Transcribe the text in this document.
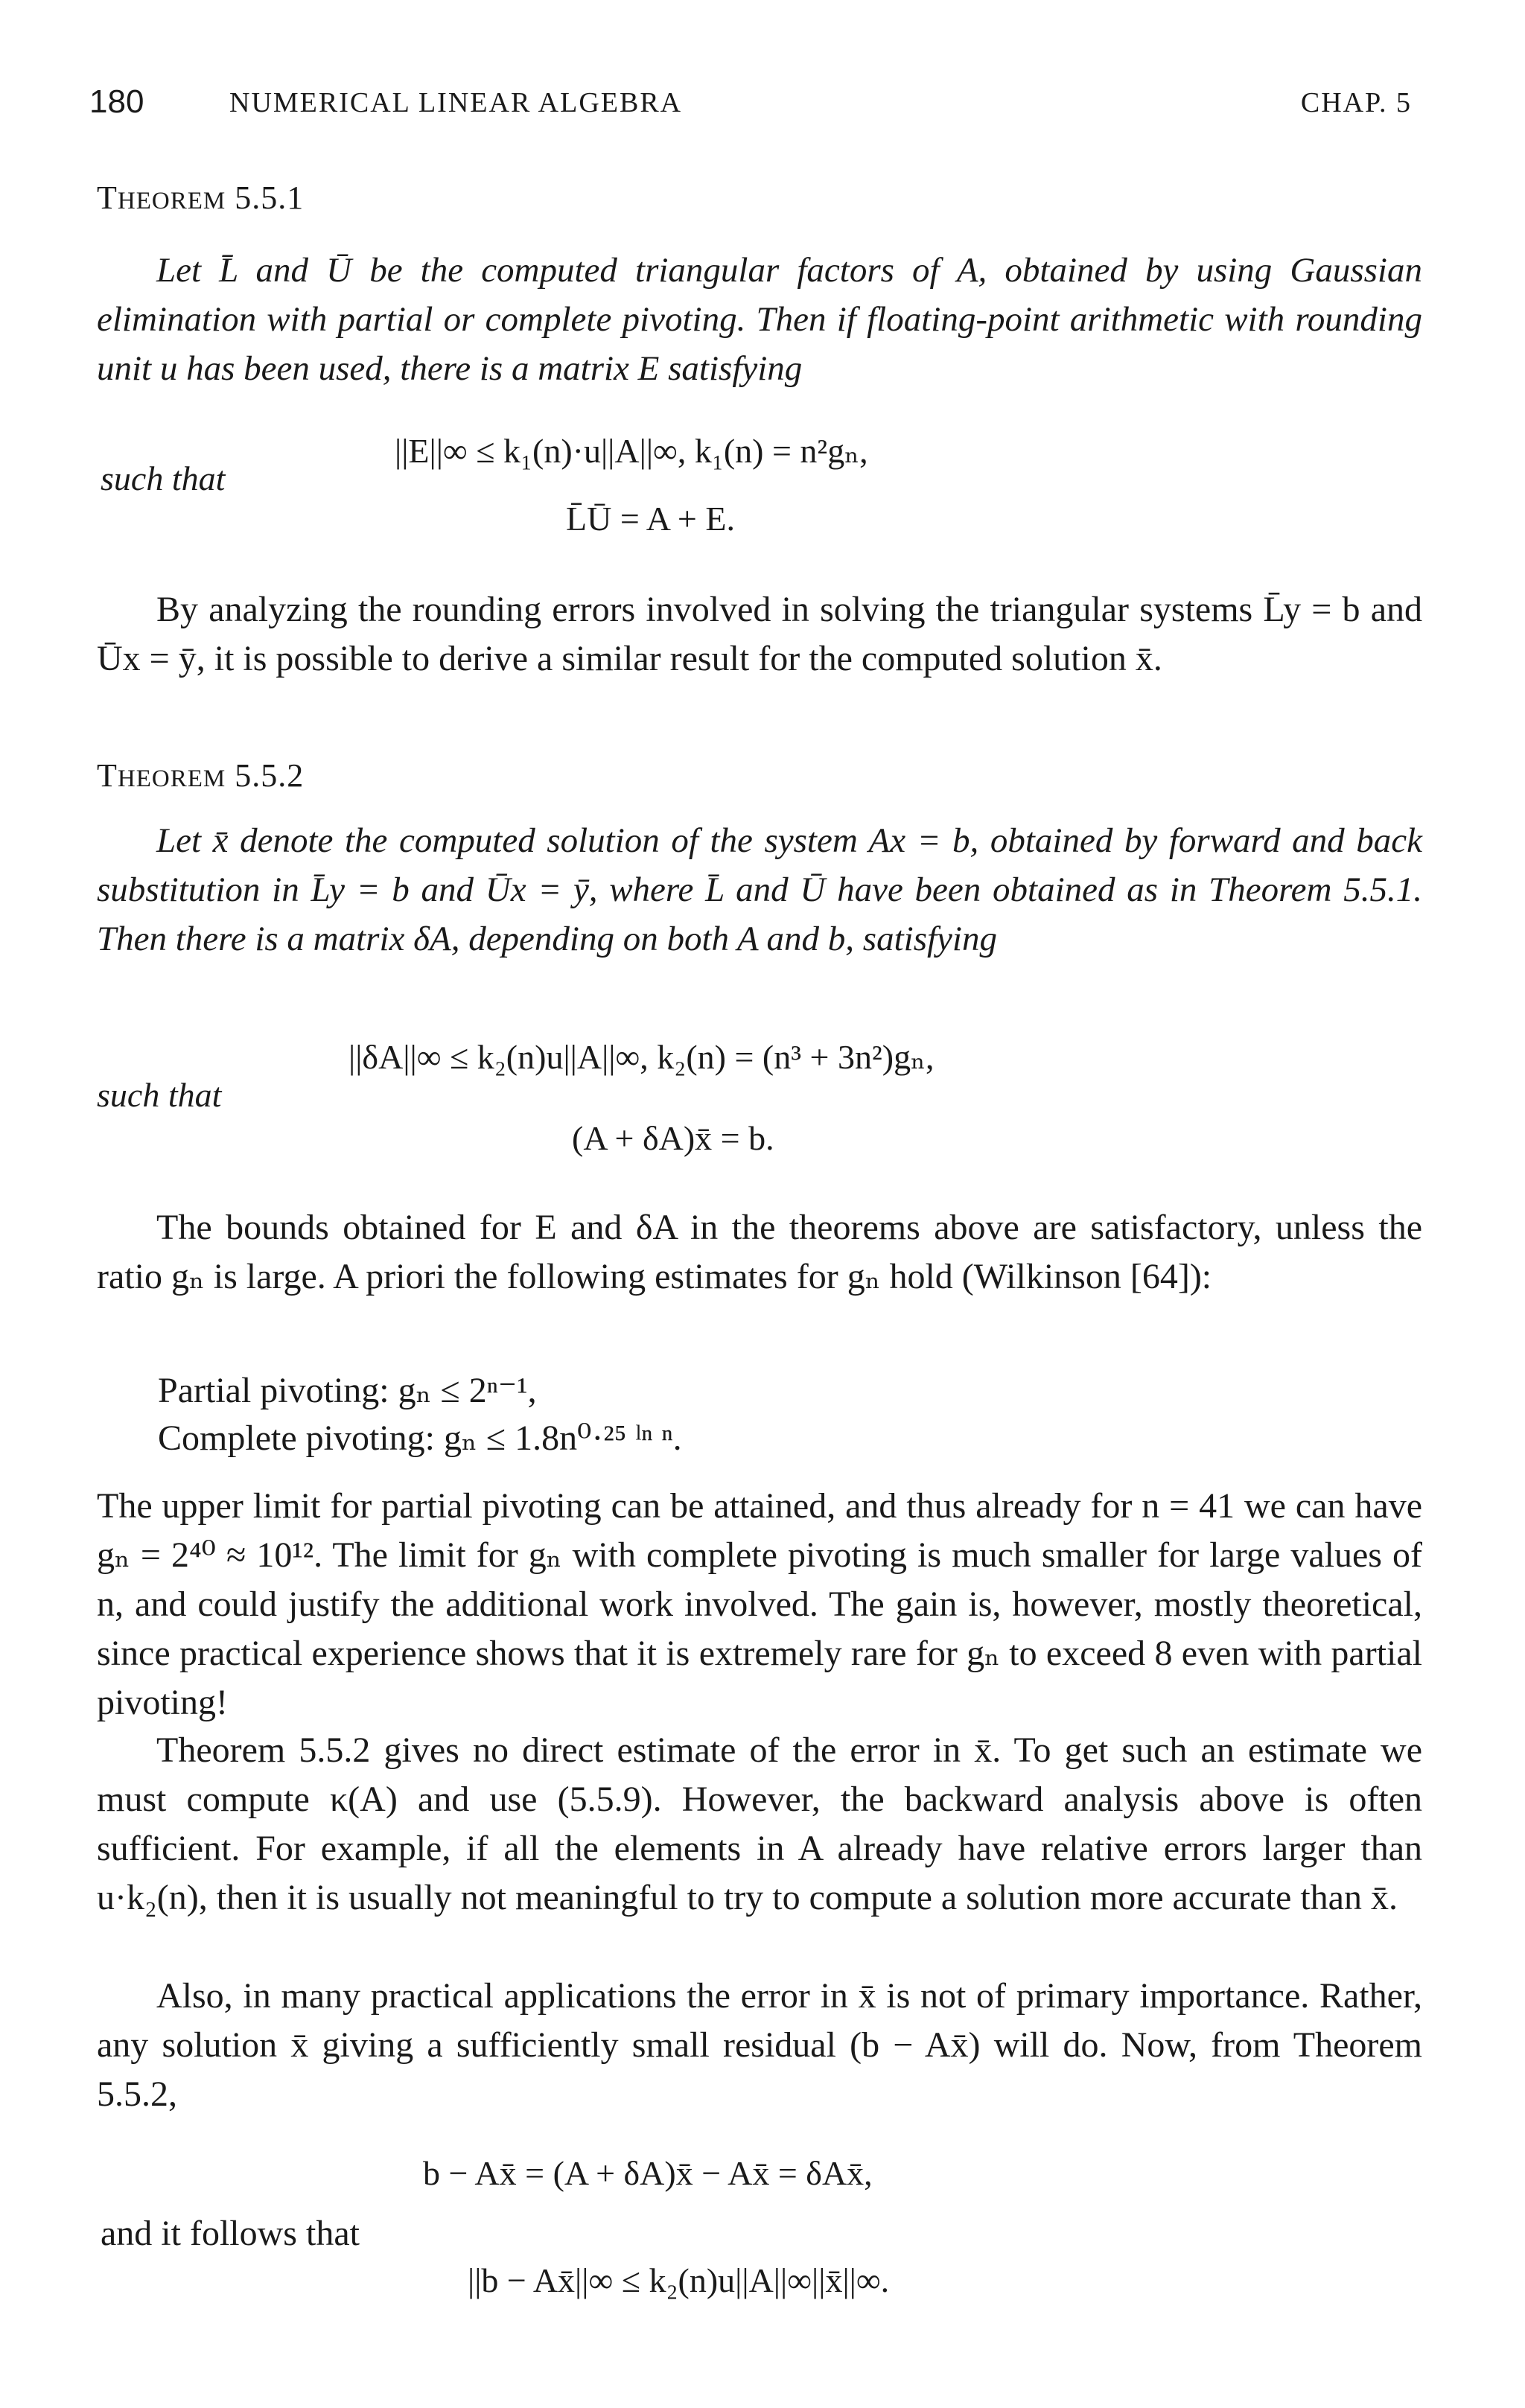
180	NUMERICAL LINEAR ALGEBRA	CHAP. 5
THEOREM 5.5.1
Let L̄ and Ū be the computed triangular factors of A, obtained by using Gaussian elimination with partial or complete pivoting. Then if floating-point arithmetic with rounding unit u has been used, there is a matrix E satisfying
||E||∞ ≤ k₁(n)·u||A||∞, k₁(n) = n²gₙ,
such that
L̄Ū = A + E.
By analyzing the rounding errors involved in solving the triangular systems L̄y = b and Ūx = ȳ, it is possible to derive a similar result for the computed solution x̄.
THEOREM 5.5.2
Let x̄ denote the computed solution of the system Ax = b, obtained by forward and back substitution in L̄y = b and Ūx = ȳ, where L̄ and Ū have been obtained as in Theorem 5.5.1. Then there is a matrix δA, depending on both A and b, satisfying
||δA||∞ ≤ k₂(n)u||A||∞, k₂(n) = (n³ + 3n²)gₙ,
such that
(A + δA)x̄ = b.
The bounds obtained for E and δA in the theorems above are satisfactory, unless the ratio gₙ is large. A priori the following estimates for gₙ hold (Wilkinson [64]):
Partial pivoting: gₙ ≤ 2ⁿ⁻¹,
Complete pivoting: gₙ ≤ 1.8n⁰·²⁵ ˡⁿ ⁿ.
The upper limit for partial pivoting can be attained, and thus already for n = 41 we can have gₙ = 2⁴⁰ ≈ 10¹². The limit for gₙ with complete pivoting is much smaller for large values of n, and could justify the additional work involved. The gain is, however, mostly theoretical, since practical experience shows that it is extremely rare for gₙ to exceed 8 even with partial pivoting!
Theorem 5.5.2 gives no direct estimate of the error in x̄. To get such an estimate we must compute κ(A) and use (5.5.9). However, the backward analysis above is often sufficient. For example, if all the elements in A already have relative errors larger than u·k₂(n), then it is usually not meaningful to try to compute a solution more accurate than x̄.
Also, in many practical applications the error in x̄ is not of primary importance. Rather, any solution x̄ giving a sufficiently small residual (b − Ax̄) will do. Now, from Theorem 5.5.2,
b − Ax̄ = (A + δA)x̄ − Ax̄ = δAx̄,
and it follows that
||b − Ax̄||∞ ≤ k₂(n)u||A||∞||x̄||∞.
